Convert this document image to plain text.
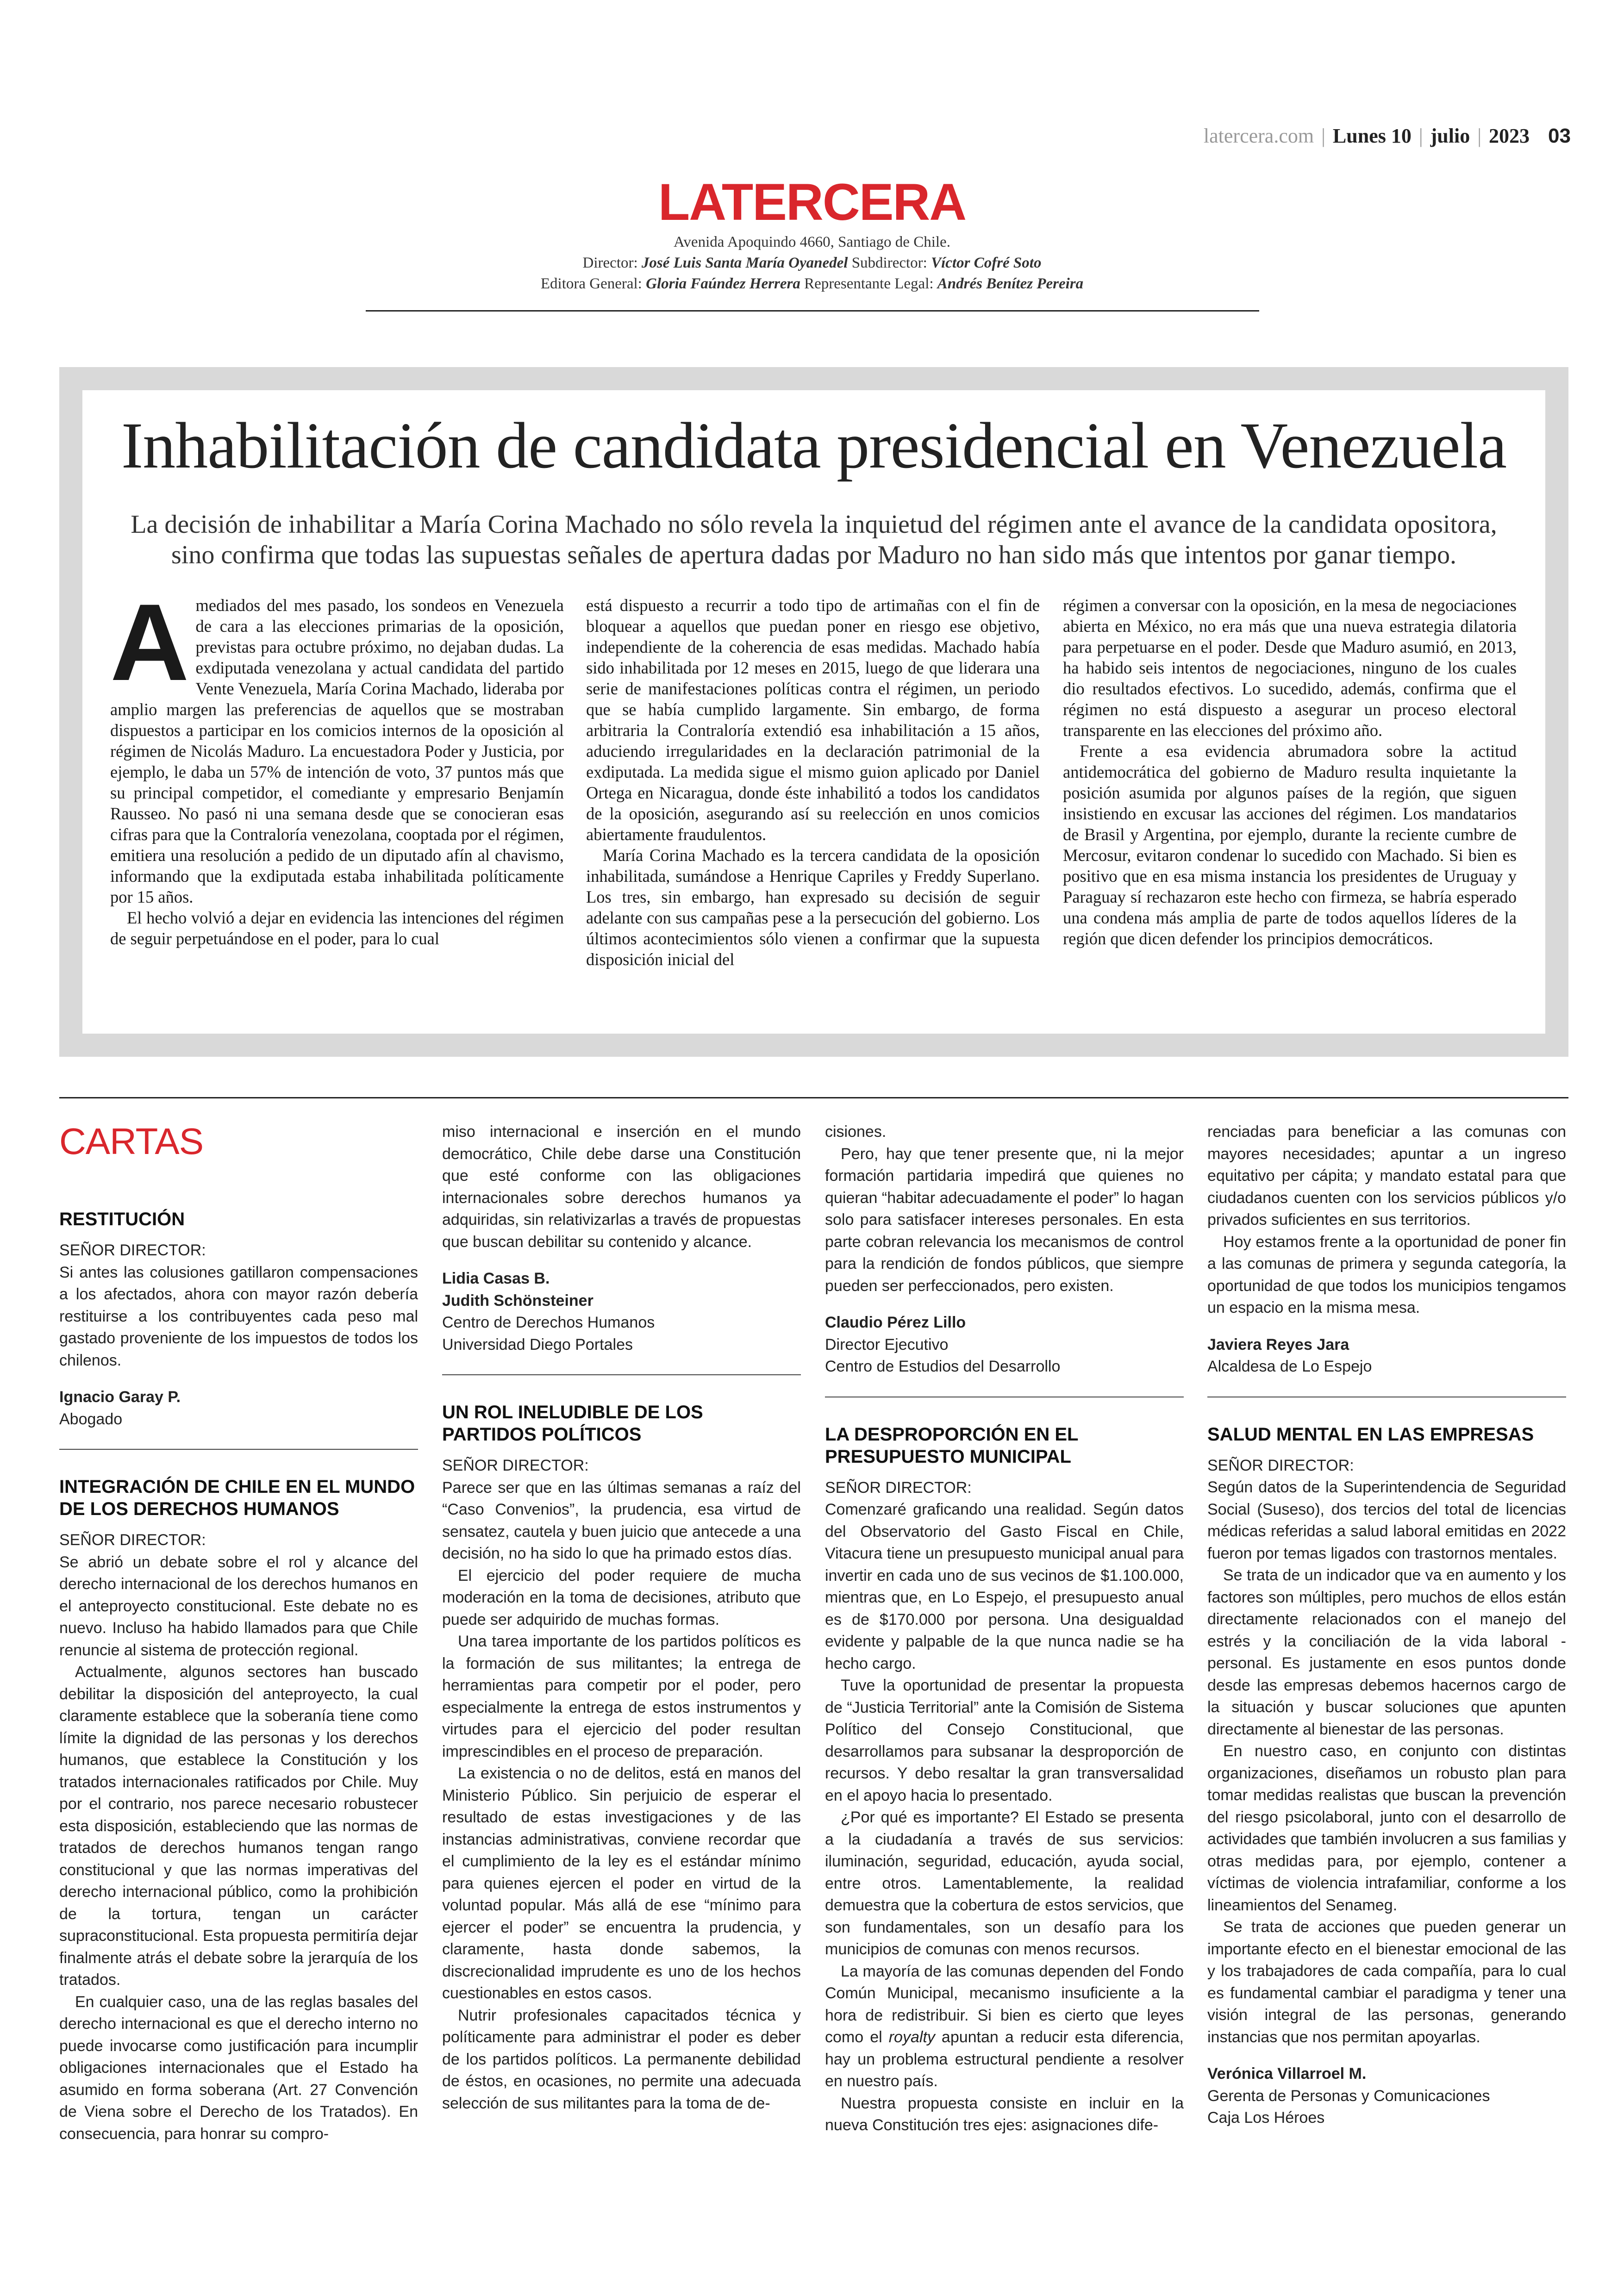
latercera.com | Lunes 10 | julio | 2023 03
LATERCERA
Avenida Apoquindo 4660, Santiago de Chile.
Director: José Luis Santa María Oyanedel Subdirector: Víctor Cofré Soto
Editora General: Gloria Faúndez Herrera Representante Legal: Andrés Benítez Pereira
Inhabilitación de candidata presidencial en Venezuela
La decisión de inhabilitar a María Corina Machado no sólo revela la inquietud del régimen ante el avance de la candidata opositora, sino confirma que todas las supuestas señales de apertura dadas por Maduro no han sido más que intentos por ganar tiempo.

Amediados del mes pasado, los sondeos en Venezuela de cara a las elecciones primarias de la oposición, previstas para octubre próximo, no dejaban dudas. La exdiputada venezolana y actual candidata del partido Vente Venezuela, María Corina Machado, lideraba por amplio margen las preferencias de aquellos que se mostraban dispuestos a participar en los comicios internos de la oposición al régimen de Nicolás Maduro. La encuestadora Poder y Justicia, por ejemplo, le daba un 57% de intención de voto, 37 puntos más que su principal competidor, el comediante y empresario Benjamín Rausseo. No pasó ni una semana desde que se conocieran esas cifras para que la Contraloría venezolana, cooptada por el régimen, emitiera una resolución a pedido de un diputado afín al chavismo, informando que la exdiputada estaba inhabilitada políticamente por 15 años.

El hecho volvió a dejar en evidencia las intenciones del régimen de seguir perpetuándose en el poder, para lo cual

está dispuesto a recurrir a todo tipo de artimañas con el fin de bloquear a aquellos que puedan poner en riesgo ese objetivo, independiente de la coherencia de esas medidas. Machado había sido inhabilitada por 12 meses en 2015, luego de que liderara una serie de manifestaciones políticas contra el régimen, un periodo que se había cumplido largamente. Sin embargo, de forma arbitraria la Contraloría extendió esa inhabilitación a 15 años, aduciendo irregularidades en la declaración patrimonial de la exdiputada. La medida sigue el mismo guion aplicado por Daniel Ortega en Nicaragua, donde éste inhabilitó a todos los candidatos de la oposición, asegurando así su reelección en unos comicios abiertamente fraudulentos.

María Corina Machado es la tercera candidata de la oposición inhabilitada, sumándose a Henrique Capriles y Freddy Superlano. Los tres, sin embargo, han expresado su decisión de seguir adelante con sus campañas pese a la persecución del gobierno. Los últimos acontecimientos sólo vienen a confirmar que la supuesta disposición inicial del

régimen a conversar con la oposición, en la mesa de negociaciones abierta en México, no era más que una nueva estrategia dilatoria para perpetuarse en el poder. Desde que Maduro asumió, en 2013, ha habido seis intentos de negociaciones, ninguno de los cuales dio resultados efectivos. Lo sucedido, además, confirma que el régimen no está dispuesto a asegurar un proceso electoral transparente en las elecciones del próximo año.

Frente a esa evidencia abrumadora sobre la actitud antidemocrática del gobierno de Maduro resulta inquietante la posición asumida por algunos países de la región, que siguen insistiendo en excusar las acciones del régimen. Los mandatarios de Brasil y Argentina, por ejemplo, durante la reciente cumbre de Mercosur, evitaron condenar lo sucedido con Machado. Si bien es positivo que en esa misma instancia los presidentes de Uruguay y Paraguay sí rechazaron este hecho con firmeza, se habría esperado una condena más amplia de parte de todos aquellos líderes de la región que dicen defender los principios democráticos.

CARTAS
RESTITUCIÓN
SEÑOR DIRECTOR:

Si antes las colusiones gatillaron compensaciones a los afectados, ahora con mayor razón debería restituirse a los contribuyentes cada peso mal gastado proveniente de los impuestos de todos los chilenos.

Ignacio Garay P.
Abogado
INTEGRACIÓN DE CHILE EN EL MUNDO DE LOS DERECHOS HUMANOS
SEÑOR DIRECTOR:

Se abrió un debate sobre el rol y alcance del derecho internacional de los derechos humanos en el anteproyecto constitucional. Este debate no es nuevo. Incluso ha habido llamados para que Chile renuncie al sistema de protección regional.

Actualmente, algunos sectores han buscado debilitar la disposición del anteproyecto, la cual claramente establece que la soberanía tiene como límite la dignidad de las personas y los derechos humanos, que establece la Constitución y los tratados internacionales ratificados por Chile. Muy por el contrario, nos parece necesario robustecer esta disposición, estableciendo que las normas de tratados de derechos humanos tengan rango constitucional y que las normas imperativas del derecho internacional público, como la prohibición de la tortura, tengan un carácter supraconstitucional. Esta propuesta permitiría dejar finalmente atrás el debate sobre la jerarquía de los tratados.

En cualquier caso, una de las reglas basales del derecho internacional es que el derecho interno no puede invocarse como justificación para incumplir obligaciones internacionales que el Estado ha asumido en forma soberana (Art. 27 Convención de Viena sobre el Derecho de los Tratados). En consecuencia, para honrar su compro-

miso internacional e inserción en el mundo democrático, Chile debe darse una Constitución que esté conforme con las obligaciones internacionales sobre derechos humanos ya adquiridas, sin relativizarlas a través de propuestas que buscan debilitar su contenido y alcance.

Lidia Casas B.
Judith Schönsteiner
Centro de Derechos Humanos
Universidad Diego Portales
UN ROL INELUDIBLE DE LOS PARTIDOS POLÍTICOS
SEÑOR DIRECTOR:

Parece ser que en las últimas semanas a raíz del “Caso Convenios”, la prudencia, esa virtud de sensatez, cautela y buen juicio que antecede a una decisión, no ha sido lo que ha primado estos días.

El ejercicio del poder requiere de mucha moderación en la toma de decisiones, atributo que puede ser adquirido de muchas formas.

Una tarea importante de los partidos políticos es la formación de sus militantes; la entrega de herramientas para competir por el poder, pero especialmente la entrega de estos instrumentos y virtudes para el ejercicio del poder resultan imprescindibles en el proceso de preparación.

La existencia o no de delitos, está en manos del Ministerio Público. Sin perjuicio de esperar el resultado de estas investigaciones y de las instancias administrativas, conviene recordar que el cumplimiento de la ley es el estándar mínimo para quienes ejercen el poder en virtud de la voluntad popular. Más allá de ese “mínimo para ejercer el poder” se encuentra la prudencia, y claramente, hasta donde sabemos, la discrecionalidad imprudente es uno de los hechos cuestionables en estos casos.

Nutrir profesionales capacitados técnica y políticamente para administrar el poder es deber de los partidos políticos. La permanente debilidad de éstos, en ocasiones, no permite una adecuada selección de sus militantes para la toma de de-

cisiones.

Pero, hay que tener presente que, ni la mejor formación partidaria impedirá que quienes no quieran “habitar adecuadamente el poder” lo hagan solo para satisfacer intereses personales. En esta parte cobran relevancia los mecanismos de control para la rendición de fondos públicos, que siempre pueden ser perfeccionados, pero existen.

Claudio Pérez Lillo
Director Ejecutivo
Centro de Estudios del Desarrollo
LA DESPROPORCIÓN EN EL PRESUPUESTO MUNICIPAL
SEÑOR DIRECTOR:

Comenzaré graficando una realidad. Según datos del Observatorio del Gasto Fiscal en Chile, Vitacura tiene un presupuesto municipal anual para invertir en cada uno de sus vecinos de $1.100.000, mientras que, en Lo Espejo, el presupuesto anual es de $170.000 por persona. Una desigualdad evidente y palpable de la que nunca nadie se ha hecho cargo.

Tuve la oportunidad de presentar la propuesta de “Justicia Territorial” ante la Comisión de Sistema Político del Consejo Constitucional, que desarrollamos para subsanar la desproporción de recursos. Y debo resaltar la gran transversalidad en el apoyo hacia lo presentado.

¿Por qué es importante? El Estado se presenta a la ciudadanía a través de sus servicios: iluminación, seguridad, educación, ayuda social, entre otros. Lamentablemente, la realidad demuestra que la cobertura de estos servicios, que son fundamentales, son un desafío para los municipios de comunas con menos recursos.

La mayoría de las comunas dependen del Fondo Común Municipal, mecanismo insuficiente a la hora de redistribuir. Si bien es cierto que leyes como el royalty apuntan a reducir esta diferencia, hay un problema estructural pendiente a resolver en nuestro país.

Nuestra propuesta consiste en incluir en la nueva Constitución tres ejes: asignaciones dife-

renciadas para beneficiar a las comunas con mayores necesidades; apuntar a un ingreso equitativo per cápita; y mandato estatal para que ciudadanos cuenten con los servicios públicos y/o privados suficientes en sus territorios.

Hoy estamos frente a la oportunidad de poner fin a las comunas de primera y segunda categoría, la oportunidad de que todos los municipios tengamos un espacio en la misma mesa.

Javiera Reyes Jara
Alcaldesa de Lo Espejo
SALUD MENTAL EN LAS EMPRESAS
SEÑOR DIRECTOR:

Según datos de la Superintendencia de Seguridad Social (Suseso), dos tercios del total de licencias médicas referidas a salud laboral emitidas en 2022 fueron por temas ligados con trastornos mentales.

Se trata de un indicador que va en aumento y los factores son múltiples, pero muchos de ellos están directamente relacionados con el manejo del estrés y la conciliación de la vida laboral - personal. Es justamente en esos puntos donde desde las empresas debemos hacernos cargo de la situación y buscar soluciones que apunten directamente al bienestar de las personas.

En nuestro caso, en conjunto con distintas organizaciones, diseñamos un robusto plan para tomar medidas realistas que buscan la prevención del riesgo psicolaboral, junto con el desarrollo de actividades que también involucren a sus familias y otras medidas para, por ejemplo, contener a víctimas de violencia intrafamiliar, conforme a los lineamientos del Senameg.

Se trata de acciones que pueden generar un importante efecto en el bienestar emocional de las y los trabajadores de cada compañía, para lo cual es fundamental cambiar el paradigma y tener una visión integral de las personas, generando instancias que nos permitan apoyarlas.

Verónica Villarroel M.
Gerenta de Personas y Comunicaciones
Caja Los Héroes
